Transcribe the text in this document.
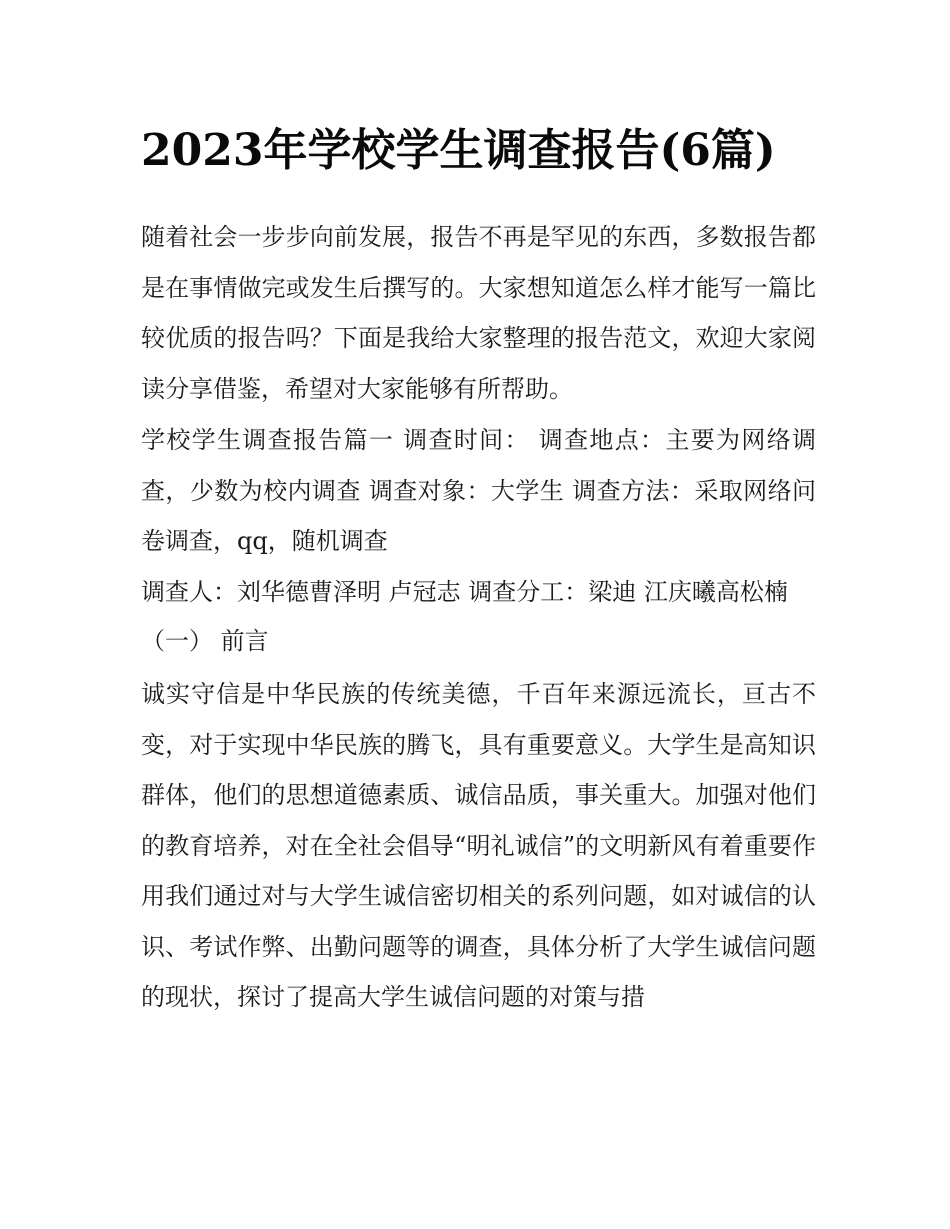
2023年学校学生调查报告(6篇)

随着社会一步步向前发展，报告不再是罕见的东西，多数报告都是在事情做完或发生后撰写的。大家想知道怎么样才能写一篇比较优质的报告吗？下面是我给大家整理的报告范文，欢迎大家阅读分享借鉴，希望对大家能够有所帮助。

学校学生调查报告篇一 调查时间： 调查地点：主要为网络调查，少数为校内调查 调查对象：大学生 调查方法：采取网络问卷调查，qq，随机调查

调查人：刘华德曹泽明 卢冠志 调查分工：梁迪 江庆曦高松楠

（一） 前言

诚实守信是中华民族的传统美德，千百年来源远流长，亘古不变，对于实现中华民族的腾飞，具有重要意义。大学生是高知识群体，他们的思想道德素质、诚信品质，事关重大。加强对他们的教育培养，对在全社会倡导“明礼诚信”的文明新风有着重要作用我们通过对与大学生诚信密切相关的系列问题，如对诚信的认识、考试作弊、出勤问题等的调查，具体分析了大学生诚信问题的现状，探讨了提高大学生诚信问题的对策与措
